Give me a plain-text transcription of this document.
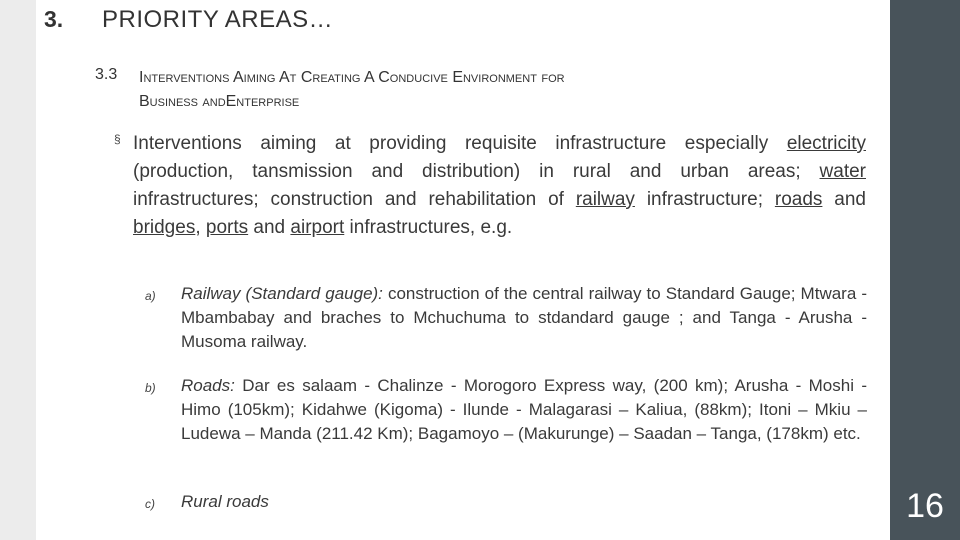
16
3. PRIORITY AREAS…
3.3 Interventions Aiming At Creating A Conducive Environment for
Business andEnterprise
§ Interventions aiming at providing requisite infrastructure especially electricity (production, tansmission and distribution) in rural and urban areas; water infrastructures; construction and rehabilitation of railway infrastructure; roads and bridges, ports and airport infrastructures, e.g.
a) Railway (Standard gauge): construction of the central railway to Standard Gauge; Mtwara - Mbambabay and braches to Mchuchuma to stdandard gauge ; and Tanga - Arusha - Musoma railway.
b) Roads: Dar es salaam - Chalinze - Morogoro Express way, (200 km); Arusha - Moshi - Himo (105km); Kidahwe (Kigoma) - Ilunde - Malagarasi – Kaliua, (88km); Itoni – Mkiu – Ludewa – Manda (211.42 Km); Bagamoyo – (Makurunge) – Saadan – Tanga, (178km) etc.
c) Rural roads
